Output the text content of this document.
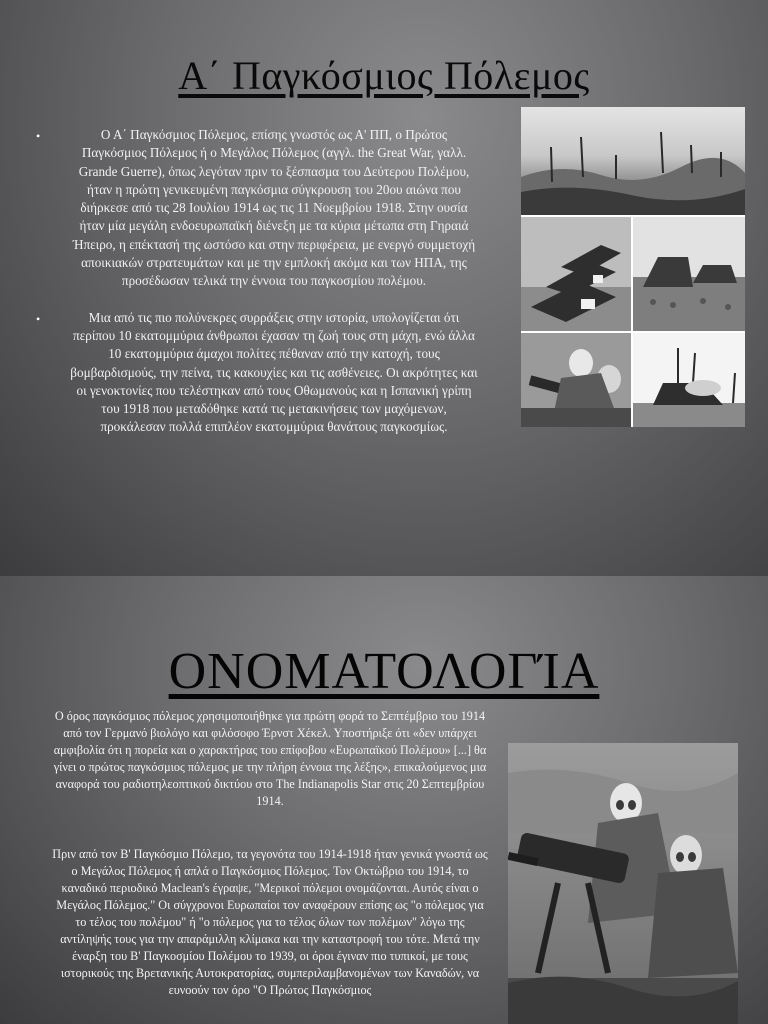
Α΄ Παγκόσμιος Πόλεμος
•	Ο Α΄ Παγκόσμιος Πόλεμος, επίσης γνωστός ως Α' ΠΠ, ο Πρώτος Παγκόσμιος Πόλεμος ή ο Μεγάλος Πόλεμος (αγγλ. the Great War, γαλλ. Grande Guerre), όπως λεγόταν πριν το ξέσπασμα του Δεύτερου Πολέμου, ήταν η πρώτη γενικευμένη παγκόσμια σύγκρουση του 20ου αιώνα που διήρκεσε από τις 28 Ιουλίου 1914 ως τις 11 Νοεμβρίου 1918. Στην ουσία ήταν μία μεγάλη ενδοευρωπαϊκή διένεξη με τα κύρια μέτωπα στη Γηραιά Ήπειρο, η επέκτασή της ωστόσο και στην περιφέρεια, με ενεργό συμμετοχή αποικιακών στρατευμάτων και με την εμπλοκή ακόμα και των ΗΠΑ, της προσέδωσαν τελικά την έννοια του παγκοσμίου πολέμου.
•	Μια από τις πιο πολύνεκρες συρράξεις στην ιστορία, υπολογίζεται ότι περίπου 10 εκατομμύρια άνθρωποι έχασαν τη ζωή τους στη μάχη, ενώ άλλα 10 εκατομμύρια άμαχοι πολίτες πέθαναν από την κατοχή, τους βομβαρδισμούς, την πείνα, τις κακουχίες και τις ασθένειες. Οι ακρότητες και οι γενοκτονίες που τελέστηκαν από τους Οθωμανούς και η Ισπανική γρίπη του 1918 που μεταδόθηκε κατά τις μετακινήσεις των μαχόμενων, προκάλεσαν πολλά επιπλέον εκατομμύρια θανάτους παγκοσμίως.
ΟΝΟΜΑΤΟΛΟΓΊΑ

Ο όρος παγκόσμιος πόλεμος χρησιμοποιήθηκε για πρώτη φορά το Σεπτέμβριο του 1914 από τον Γερμανό βιολόγο και φιλόσοφο Έρνστ Χέκελ. Υποστήριξε ότι «δεν υπάρχει αμφιβολία ότι η πορεία και ο χαρακτήρας του επίφοβου «Ευρωπαϊκού Πολέμου» [...] θα γίνει ο πρώτος παγκόσμιος πόλεμος με την πλήρη έννοια της λέξης», επικαλούμενος μια αναφορά του ραδιοτηλεοπτικού δικτύου στο The Indianapolis Star στις 20 Σεπτεμβρίου 1914.

Πριν από τον Β' Παγκόσμιο Πόλεμο, τα γεγονότα του 1914-1918 ήταν γενικά γνωστά ως ο Μεγάλος Πόλεμος ή απλά ο Παγκόσμιος Πόλεμος. Τον Οκτώβριο του 1914, το καναδικό περιοδικό Maclean's έγραψε, "Μερικοί πόλεμοι ονομάζονται. Αυτός είναι ο Μεγάλος Πόλεμος." Οι σύγχρονοι Ευρωπαίοι τον αναφέρουν επίσης ως "ο πόλεμος για το τέλος του πολέμου" ή "ο πόλεμος για το τέλος όλων των πολέμων" λόγω της αντίληψής τους για την απαράμιλλη κλίμακα και την καταστροφή του τότε. Μετά την έναρξη του Β' Παγκοσμίου Πολέμου το 1939, οι όροι έγιναν πιο τυπικοί, με τους ιστορικούς της Βρετανικής Αυτοκρατορίας, συμπεριλαμβανομένων των Καναδών, να ευνοούν τον όρο "Ο Πρώτος Παγκόσμιος
